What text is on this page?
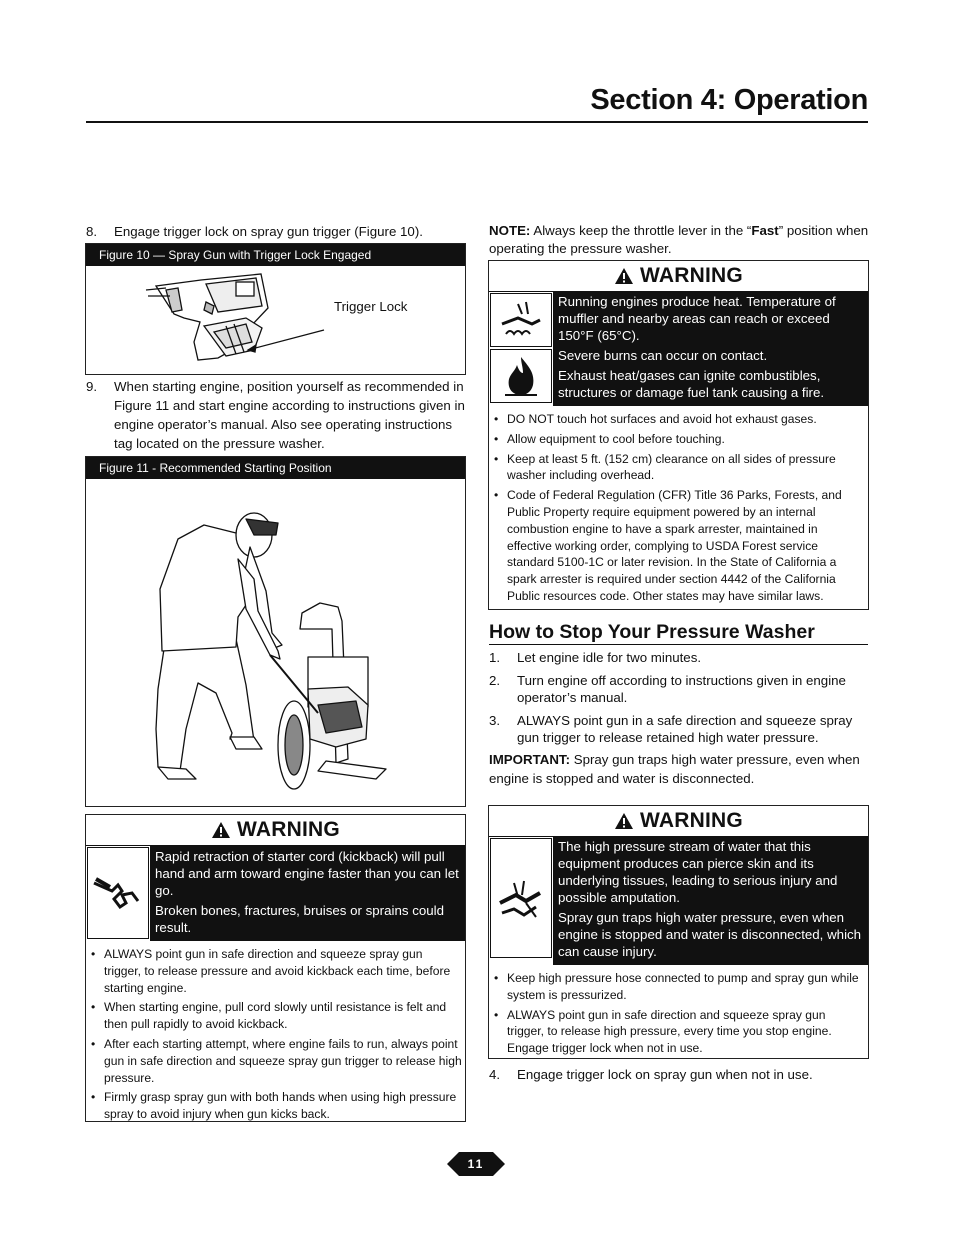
Section 4: Operation
8.	Engage trigger lock on spray gun trigger (Figure 10).
Figure 10 — Spray Gun with Trigger Lock Engaged
Trigger Lock
9.	When starting engine, position yourself as recommended in Figure 11 and start engine according to instructions given in engine operator’s manual. Also see operating instructions tag located on the pressure washer.
Figure 11 - Recommended Starting Position
WARNING

Rapid retraction of starter cord (kickback) will pull hand and arm toward engine faster than you can let go.

Broken bones, fractures, bruises or sprains could result.

• ALWAYS point gun in safe direction and squeeze spray gun trigger, to release pressure and avoid kickback each time, before starting engine.
• When starting engine, pull cord slowly until resistance is felt and then pull rapidly to avoid kickback.
• After each starting attempt, where engine fails to run, always point gun in safe direction and squeeze spray gun trigger to release high pressure.
• Firmly grasp spray gun with both hands when using high pressure spray to avoid injury when gun kicks back.
NOTE: Always keep the throttle lever in the “Fast” position when operating the pressure washer.
WARNING

Running engines produce heat. Temperature of muffler and nearby areas can reach or exceed 150°F (65°C).

Severe burns can occur on contact.

Exhaust heat/gases can ignite combustibles, structures or damage fuel tank causing a fire.

• DO NOT touch hot surfaces and avoid hot exhaust gases.
• Allow equipment to cool before touching.
• Keep at least 5 ft. (152 cm) clearance on all sides of pressure washer including overhead.
• Code of Federal Regulation (CFR) Title 36 Parks, Forests, and Public Property require equipment powered by an internal combustion engine to have a spark arrester, maintained in effective working order, complying to USDA Forest service standard 5100-1C or later revision. In the State of California a spark arrester is required under section 4442 of the California Public resources code. Other states may have similar laws.
How to Stop Your Pressure Washer
1.	Let engine idle for two minutes.
2.	Turn engine off according to instructions given in engine operator’s manual.
3.	ALWAYS point gun in a safe direction and squeeze spray gun trigger to release retained high water pressure.
IMPORTANT: Spray gun traps high water pressure, even when engine is stopped and water is disconnected.
WARNING

The high pressure stream of water that this equipment produces can pierce skin and its underlying tissues, leading to serious injury and possible amputation.

Spray gun traps high water pressure, even when engine is stopped and water is disconnected, which can cause injury.

• Keep high pressure hose connected to pump and spray gun while system is pressurized.
• ALWAYS point gun in safe direction and squeeze spray gun trigger, to release high pressure, every time you stop engine. Engage trigger lock when not in use.
4.	Engage trigger lock on spray gun when not in use.
11
